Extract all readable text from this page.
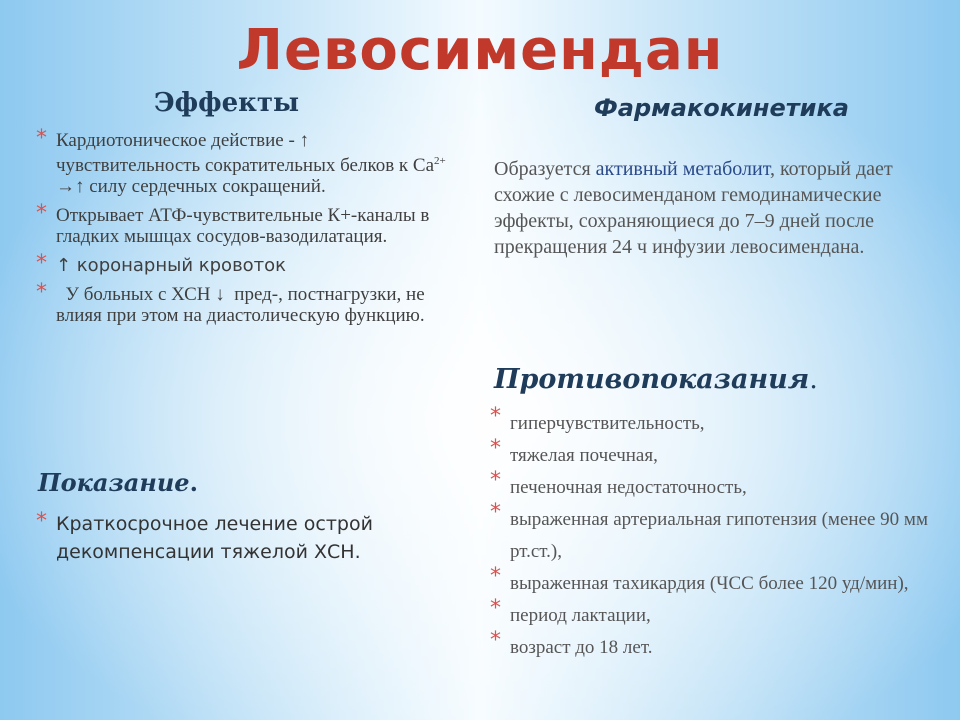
Левосимендан
Эффекты
* Кардиотоническое действие - ↑ чувствительность сократительных белков к $Ca^{2+}$ →↑ силу сердечных сокращений.
* Открывает АТФ-чувствительные К+-каналы в гладких мышцах сосудов-вазодилатация.
* ↑ коронарный кровоток
* У больных с ХСН ↓  пред-, постнагрузки, не влияя при этом на диастолическую функцию.
Показание.
* Краткосрочное лечение острой декомпенсации тяжелой ХСН.
Фармакокинетика

Образуется активный метаболит, который дает схожие с левосименданом гемодинамические эффекты, сохраняющиеся до 7–9 дней после прекращения 24 ч инфузии левосимендана.

Противопоказания.
* гиперчувствительность,
* тяжелая почечная,
* печеночная недостаточность,
* выраженная артериальная гипотензия (менее 90 мм рт.ст.),
* выраженная тахикардия (ЧСС более 120 уд/мин),
* период лактации,
* возраст до 18 лет.
